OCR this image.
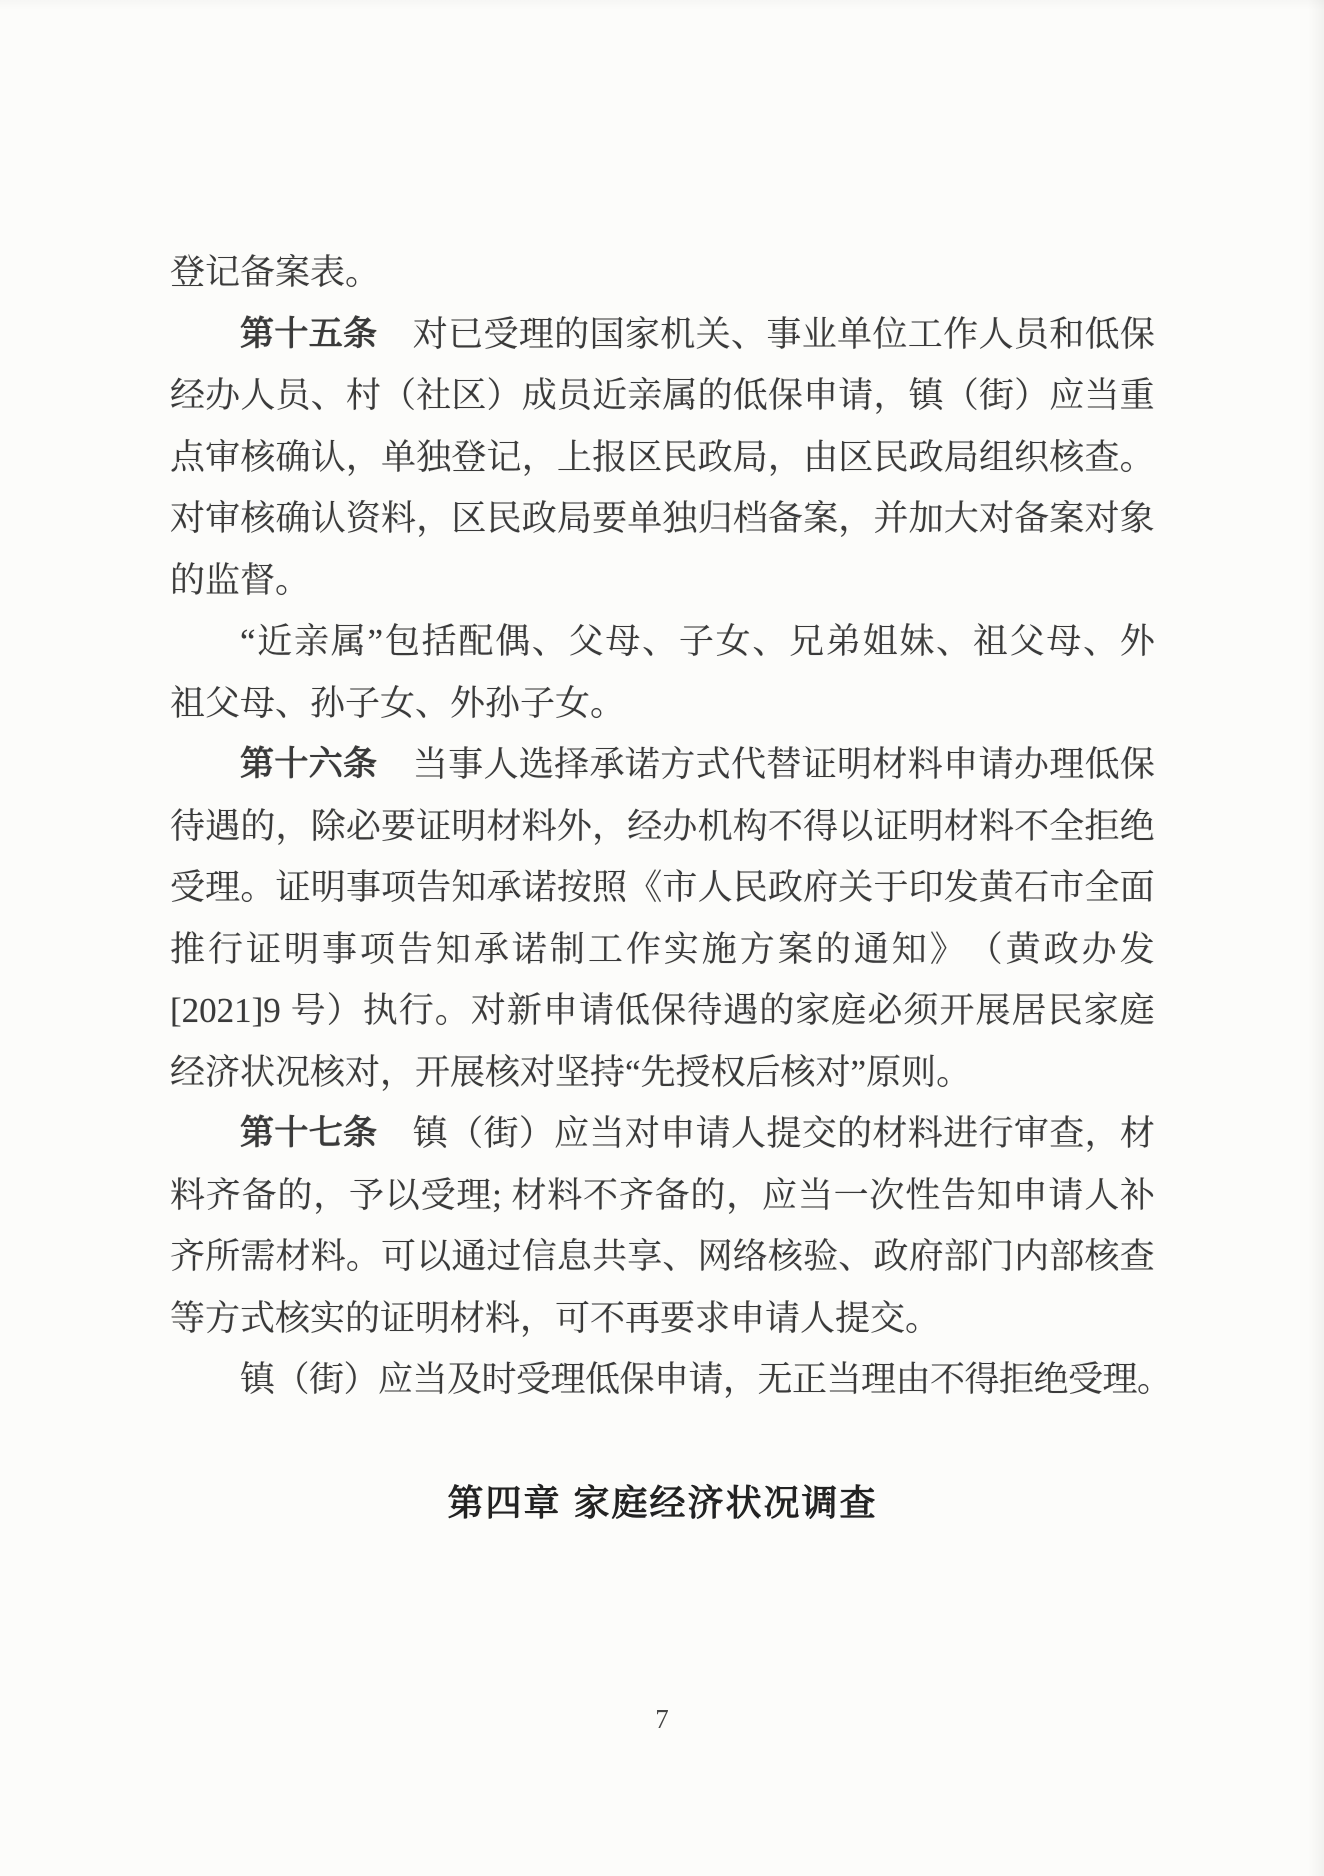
登记备案表。
第 十 五 条
　 对 已 受 理 的 国 家 机 关 、 事 业 单 位 工 作 人 员 和 低 保
经 办 人 员 、 村 （ 社 区 ） 成 员 近 亲 属 的 低 保 申 请 ， 镇 （ 街 ） 应 当 重
点 审 核 确 认 ， 单 独 登 记 ， 上 报 区 民 政 局 ， 由 区 民 政 局 组 织 核 查 。
对 审 核 确 认 资 料 ， 区 民 政 局 要 单 独 归 档 备 案 ， 并 加 大 对 备 案 对 象
的监督。
“ 近 亲 属 ” 包 括 配 偶 、 父 母 、 子 女 、 兄 弟 姐 妹 、 祖 父 母 、 外
祖父母、孙子女、外孙子女。
第 十 六 条
　 当 事 人 选 择 承 诺 方 式 代 替 证 明 材 料 申 请 办 理 低 保
待 遇 的 ， 除 必 要 证 明 材 料 外 ， 经 办 机 构 不 得 以 证 明 材 料 不 全 拒 绝
受 理 。 证 明 事 项 告 知 承 诺 按 照 《 市 人 民 政 府 关 于 印 发 黄 石 市 全 面
推 行 证 明 事 项 告 知 承 诺 制 工 作 实 施 方 案 的 通 知 》 （ 黄 政 办 发
[2021]9 号 ） 执 行 。 对 新 申 请 低 保 待 遇 的 家 庭 必 须 开 展 居 民 家 庭
经济状况核对，开展核对坚持“先授权后核对”原则。
第 十 七 条
　 镇 （ 街 ） 应 当 对 申 请 人 提 交 的 材 料 进 行 审 查 ， 材
料 齐 备 的 ， 予 以 受 理 ; 材 料 不 齐 备 的 ， 应 当 一 次 性 告 知 申 请 人 补
齐 所 需 材 料 。 可 以 通 过 信 息 共 享 、 网 络 核 验 、 政 府 部 门 内 部 核 查
等方式核实的证明材料，可不再要求申请人提交。
镇（街）应当及时受理低保申请，无正当理由不得拒绝受理。
第四章 家庭经济状况调查
7
